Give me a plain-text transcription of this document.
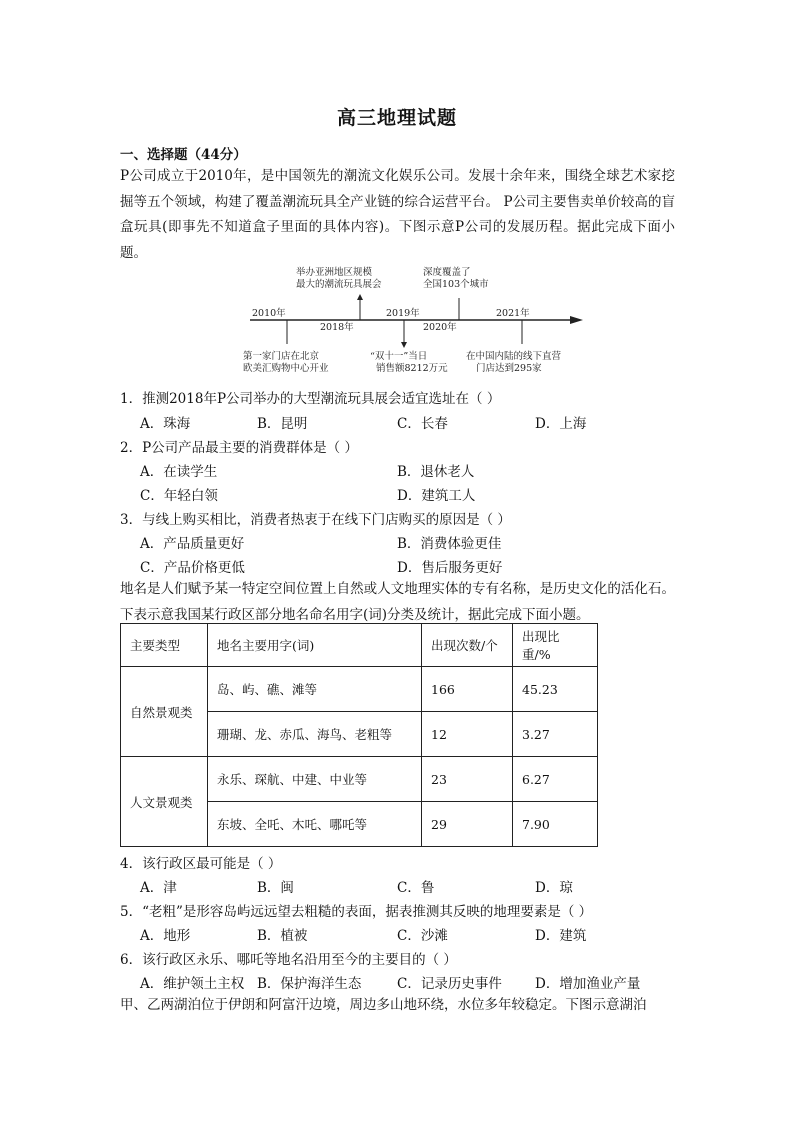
高三地理试题
一、选择题（44分）
P公司成立于2010年，是中国领先的潮流文化娱乐公司。发展十余年来，围绕全球艺术家挖掘等五个领域，构建了覆盖潮流玩具全产业链的综合运营平台。 P公司主要售卖单价较高的盲盒玩具(即事先不知道盒子里面的具体内容)。下图示意P公司的发展历程。据此完成下面小题。
2010年
2018年
2019年
2020年
2021年
举办亚洲地区规模
最大的潮流玩具展会
深度覆盖了
全国103个城市
第一家门店在北京
欧美汇购物中心开业
“双十一”当日
销售额8212万元
在中国内陆的线下直营
门店达到295家
1．推测2018年P公司举办的大型潮流玩具展会适宜选址在（ ）
A．珠海	B．昆明	C．长春	D．上海
2．P公司产品最主要的消费群体是（ ）
A．在读学生	B．退休老人
C．年轻白领	D．建筑工人
3．与线上购买相比，消费者热衷于在线下门店购买的原因是（ ）
A．产品质量更好	B．消费体验更佳
C．产品价格更低	D．售后服务更好
地名是人们赋予某一特定空间位置上自然或人文地理实体的专有名称，是历史文化的活化石。下表示意我国某行政区部分地名命名用字(词)分类及统计，据此完成下面小题。
主要类型	地名主要用字(词)	出现次数/个	出现比重/%
自然景观类	岛、屿、礁、滩等	166	45.23
	珊瑚、龙、赤瓜、海鸟、老粗等	12	3.27
人文景观类	永乐、琛航、中建、中业等	23	6.27
	东坡、全吒、木吒、哪吒等	29	7.90
4．该行政区最可能是（ ）
A．津	B．闽	C．鲁	D．琼
5．“老粗”是形容岛屿远远望去粗糙的表面，据表推测其反映的地理要素是（ ）
A．地形	B．植被	C．沙滩	D．建筑
6．该行政区永乐、哪吒等地名沿用至今的主要目的（ ）
A．维护领土主权 B．保护海洋生态	C．记录历史事件 D．增加渔业产量
甲、乙两湖泊位于伊朗和阿富汗边境，周边多山地环绕，水位多年较稳定。下图示意湖泊
